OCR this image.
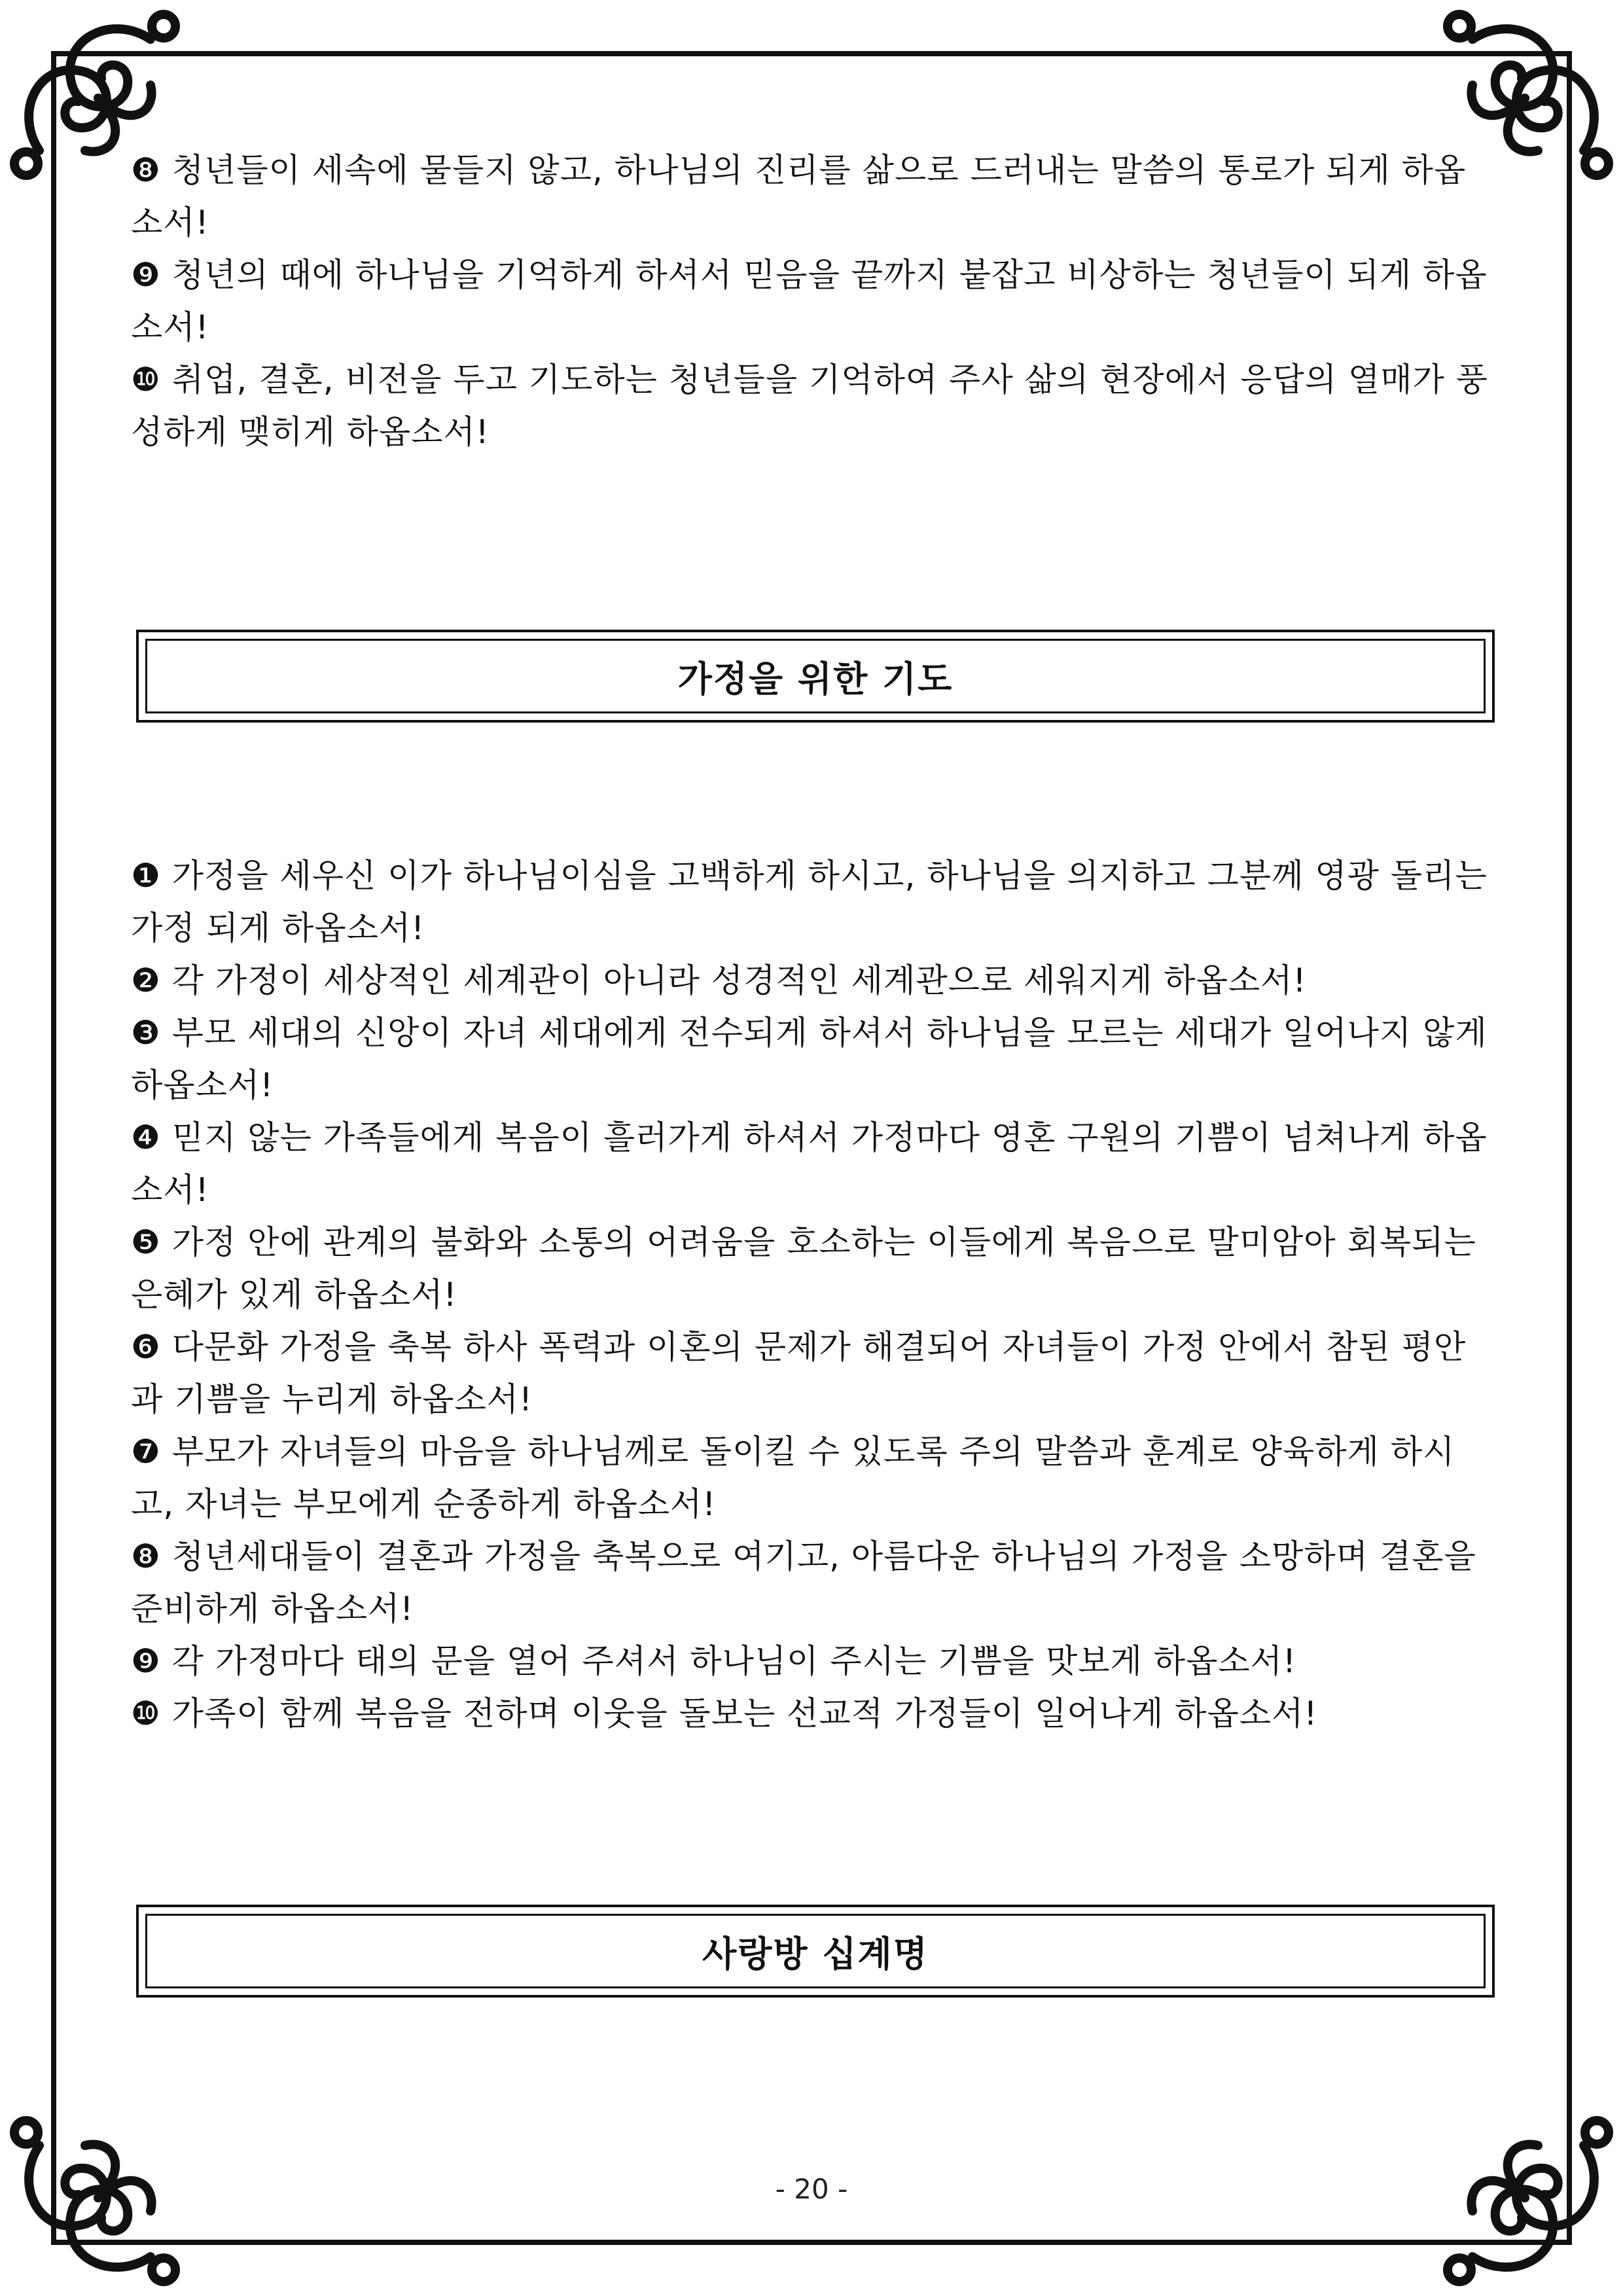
❽ 청년들이 세속에 물들지 않고, 하나님의 진리를 삶으로 드러내는 말씀의 통로가 되게 하옵소서!

❾ 청년의 때에 하나님을 기억하게 하셔서 믿음을 끝까지 붙잡고 비상하는 청년들이 되게 하옵소서!

❿ 취업, 결혼, 비전을 두고 기도하는 청년들을 기억하여 주사 삶의 현장에서 응답의 열매가 풍성하게 맺히게 하옵소서!

가정을 위한 기도

❶ 가정을 세우신 이가 하나님이심을 고백하게 하시고, 하나님을 의지하고 그분께 영광 돌리는 가정 되게 하옵소서!

❷ 각 가정이 세상적인 세계관이 아니라 성경적인 세계관으로 세워지게 하옵소서!

❸ 부모 세대의 신앙이 자녀 세대에게 전수되게 하셔서 하나님을 모르는 세대가 일어나지 않게 하옵소서!

❹ 믿지 않는 가족들에게 복음이 흘러가게 하셔서 가정마다 영혼 구원의 기쁨이 넘쳐나게 하옵소서!

❺ 가정 안에 관계의 불화와 소통의 어려움을 호소하는 이들에게 복음으로 말미암아 회복되는 은혜가 있게 하옵소서!

❻ 다문화 가정을 축복 하사 폭력과 이혼의 문제가 해결되어 자녀들이 가정 안에서 참된 평안과 기쁨을 누리게 하옵소서!

❼ 부모가 자녀들의 마음을 하나님께로 돌이킬 수 있도록 주의 말씀과 훈계로 양육하게 하시고, 자녀는 부모에게 순종하게 하옵소서!

❽ 청년세대들이 결혼과 가정을 축복으로 여기고, 아름다운 하나님의 가정을 소망하며 결혼을 준비하게 하옵소서!

❾ 각 가정마다 태의 문을 열어 주셔서 하나님이 주시는 기쁨을 맛보게 하옵소서!

❿ 가족이 함께 복음을 전하며 이웃을 돌보는 선교적 가정들이 일어나게 하옵소서!

사랑방 십계명
- 20 -
